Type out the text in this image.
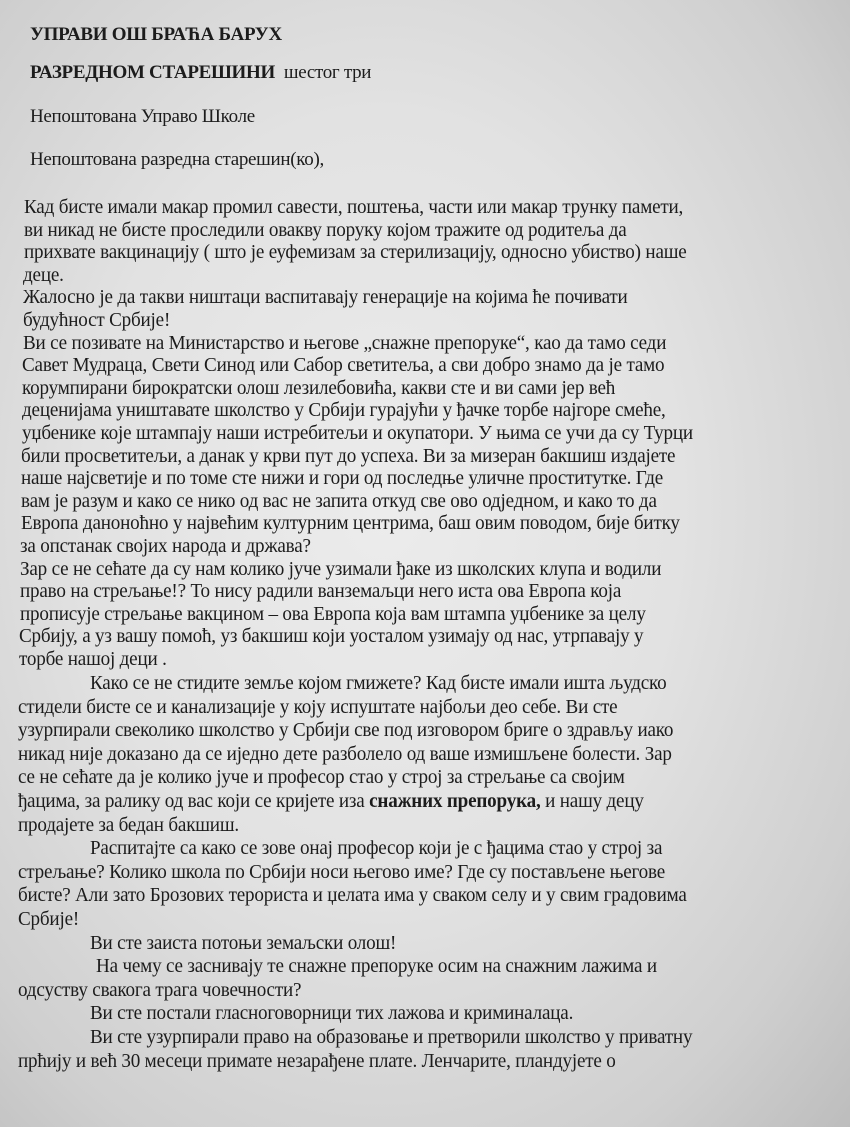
УПРАВИ ОШ БРАЋА БАРУХ
РАЗРЕДНОМ СТАРЕШИНИ шестог три
Непоштована Управо Школе
Непоштована разредна старешин(ко),
Кад бисте имали макар промил савести, поштења, части или макар трунку памети,
ви никад не бисте проследили овакву поруку којом тражите од родитеља да
прихвате вакцинацију ( што је еуфемизам за стерилизацију, односно убиство) наше
деце.
Жалосно је да такви ништаци васпитавају генерације на којима ће почивати
будућност Србије!
Ви се позивате на Министарство и његове „снажне препоруке“, као да тамо седи
Савет Мудраца, Свети Синод или Сабор светитеља, а сви добро знамо да је тамо
корумпирани бирократски олош лезилебовића, какви сте и ви сами јер већ
деценијама уништавате школство у Србији гурајући у ђачке торбе најгоре смеће,
уџбенике које штампају наши истребитељи и окупатори. У њима се учи да су Турци
били просветитељи, а данак у крви пут до успеха. Ви за мизеран бакшиш издајете
наше најсветије и по томе сте нижи и гори од последње уличне проститутке. Где
вам је разум и како се нико од вас не запита откуд све ово одједном, и како то да
Европа даноноћно у највећим културним центрима, баш овим поводом, бије битку
за опстанак својих народа и држава?
Зар се не сећате да су нам колико јуче узимали ђаке из школских клупа и водили
право на стрељање!? То нису радили ванземаљци него иста ова Европа која
прописује стрељање вакцином – ова Европа која вам штампа уџбенике за целу
Србију, а уз вашу помоћ, уз бакшиш који уосталом узимају од нас, утрпавају у
торбе нашој деци .
Како се не стидите земље којом гмижете? Кад бисте имали ишта људско
стидели бисте се и канализације у коју испуштате најбољи део себе. Ви сте
узурпирали свеколико школство у Србији све под изговором бриге о здрављу иако
никад није доказано да се иједно дете разболело од ваше измишљене болести. Зар
се не сећате да је колико јуче и професор стао у строј за стрељање са својим
ђацима, за ралику од вас који се кријете иза снажних препорука, и нашу децу
продајете за бедан бакшиш.
Распитајте са како се зове онај професор који је с ђацима стао у строј за
стрељање? Колико школа по Србији носи његово име? Где су постављене његове
бисте? Али зато Брозових терориста и џелата има у сваком селу и у свим градовима
Србије!
Ви сте заиста потоњи земаљски олош!
На чему се заснивају те снажне препоруке осим на снажним лажима и
одсуству свакога трага човечности?
Ви сте постали гласноговорници тих лажова и криминалаца.
Ви сте узурпирали право на образовање и претворили школство у приватну
прћију и већ 30 месеци примате незарађене плате. Ленчарите, пландујете о
